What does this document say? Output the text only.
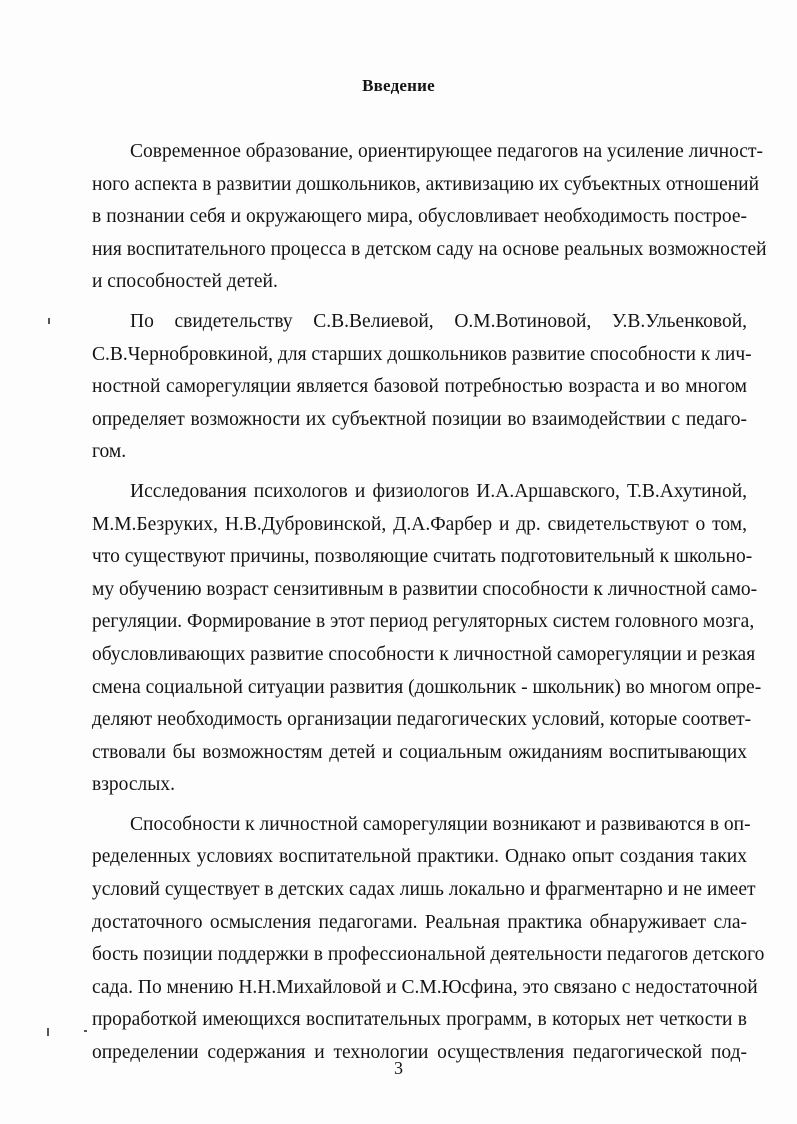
Введение
Современное образование, ориентирующее педагогов на усиление личност-
ного аспекта в развитии дошкольников, активизацию их субъектных отношений
в познании себя и окружающего мира, обусловливает необходимость построе-
ния воспитательного процесса в детском саду на основе реальных возможностей
и способностей детей.
По свидетельству С.В.Велиевой, О.М.Вотиновой, У.В.Ульенковой,
С.В.Чернобровкиной, для старших дошкольников развитие способности к лич-
ностной саморегуляции является базовой потребностью возраста и во многом
определяет возможности их субъектной позиции во взаимодействии с педаго-
гом.
Исследования психологов и физиологов И.А.Аршавского, Т.В.Ахутиной,
М.М.Безруких, Н.В.Дубровинской, Д.А.Фарбер и др. свидетельствуют о том,
что существуют причины, позволяющие считать подготовительный к школьно-
му обучению возраст сензитивным в развитии способности к личностной само-
регуляции. Формирование в этот период регуляторных систем головного мозга,
обусловливающих развитие способности к личностной саморегуляции и резкая
смена социальной ситуации развития (дошкольник - школьник) во многом опре-
деляют необходимость организации педагогических условий, которые соответ-
ствовали бы возможностям детей и социальным ожиданиям воспитывающих
взрослых.
Способности к личностной саморегуляции возникают и развиваются в оп-
ределенных условиях воспитательной практики. Однако опыт создания таких
условий существует в детских садах лишь локально и фрагментарно и не имеет
достаточного осмысления педагогами. Реальная практика обнаруживает сла-
бость позиции поддержки в профессиональной деятельности педагогов детского
сада. По мнению Н.Н.Михайловой и С.М.Юсфина, это связано с недостаточной
проработкой имеющихся воспитательных программ, в которых нет четкости в
определении содержания и технологии осуществления педагогической под-
3
